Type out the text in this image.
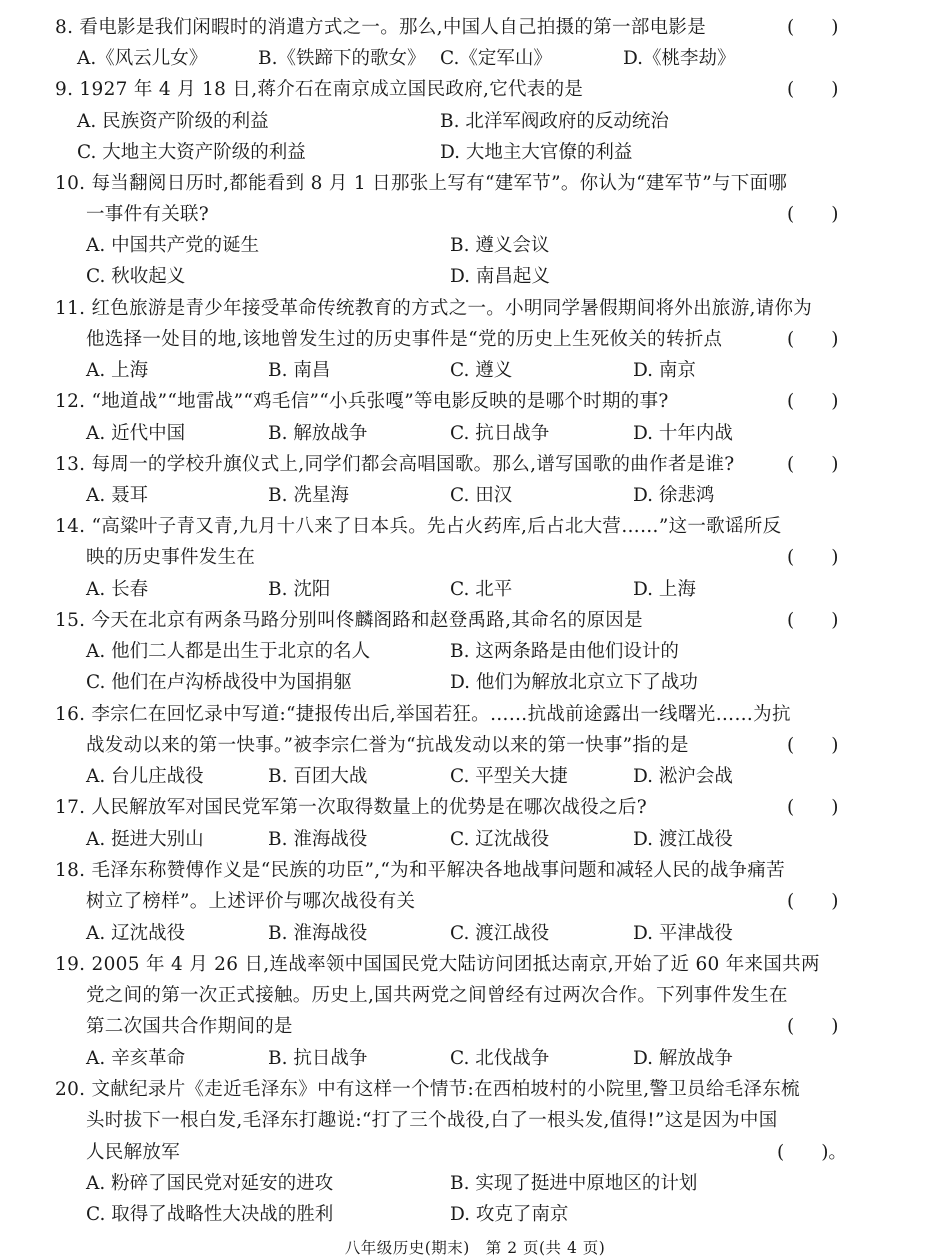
8. 看电影是我们闲暇时的消遣方式之一。那么,中国人自己拍摄的第一部电影是	(　　)
A.《风云儿女》	B.《铁蹄下的歌女》 C.《定军山》	D.《桃李劫》
9. 1927 年 4 月 18 日,蒋介石在南京成立国民政府,它代表的是	(　　)
A. 民族资产阶级的利益	B. 北洋军阀政府的反动统治
C. 大地主大资产阶级的利益	D. 大地主大官僚的利益
10. 每当翻阅日历时,都能看到 8 月 1 日那张上写有“建军节”。你认为“建军节”与下面哪
一事件有关联?	(　　)
A. 中国共产党的诞生	B. 遵义会议
C. 秋收起义	D. 南昌起义
11. 红色旅游是青少年接受革命传统教育的方式之一。小明同学暑假期间将外出旅游,请你为
他选择一处目的地,该地曾发生过的历史事件是“党的历史上生死攸关的转折点	(　　)
A. 上海	B. 南昌	C. 遵义	D. 南京
12. “地道战”“地雷战”“鸡毛信”“小兵张嘎”等电影反映的是哪个时期的事?	(　　)
A. 近代中国	B. 解放战争	C. 抗日战争	D. 十年内战
13. 每周一的学校升旗仪式上,同学们都会高唱国歌。那么,谱写国歌的曲作者是谁?	(　　)
A. 聂耳	B. 冼星海	C. 田汉	D. 徐悲鸿
14. “高粱叶子青又青,九月十八来了日本兵。先占火药库,后占北大营……”这一歌谣所反
映的历史事件发生在	(　　)
A. 长春	B. 沈阳	C. 北平	D. 上海
15. 今天在北京有两条马路分别叫佟麟阁路和赵登禹路,其命名的原因是	(　　)
A. 他们二人都是出生于北京的名人	B. 这两条路是由他们设计的
C. 他们在卢沟桥战役中为国捐躯	D. 他们为解放北京立下了战功
16. 李宗仁在回忆录中写道:“捷报传出后,举国若狂。……抗战前途露出一线曙光……为抗
战发动以来的第一快事。”被李宗仁誉为“抗战发动以来的第一快事”指的是	(　　)
A. 台儿庄战役	B. 百团大战	C. 平型关大捷	D. 淞沪会战
17. 人民解放军对国民党军第一次取得数量上的优势是在哪次战役之后?	(　　)
A. 挺进大别山	B. 淮海战役	C. 辽沈战役	D. 渡江战役
18. 毛泽东称赞傅作义是“民族的功臣”,“为和平解决各地战事问题和减轻人民的战争痛苦
树立了榜样”。上述评价与哪次战役有关	(　　)
A. 辽沈战役	B. 淮海战役	C. 渡江战役	D. 平津战役
19. 2005 年 4 月 26 日,连战率领中国国民党大陆访问团抵达南京,开始了近 60 年来国共两
党之间的第一次正式接触。历史上,国共两党之间曾经有过两次合作。下列事件发生在
第二次国共合作期间的是	(　　)
A. 辛亥革命	B. 抗日战争	C. 北伐战争	D. 解放战争
20. 文献纪录片《走近毛泽东》中有这样一个情节:在西柏坡村的小院里,警卫员给毛泽东梳
头时拔下一根白发,毛泽东打趣说:“打了三个战役,白了一根头发,值得!”这是因为中国
人民解放军	(　　)。
A. 粉碎了国民党对延安的进攻	B. 实现了挺进中原地区的计划
C. 取得了战略性大决战的胜利	D. 攻克了南京
八年级历史(期末)　第 2 页(共 4 页)
